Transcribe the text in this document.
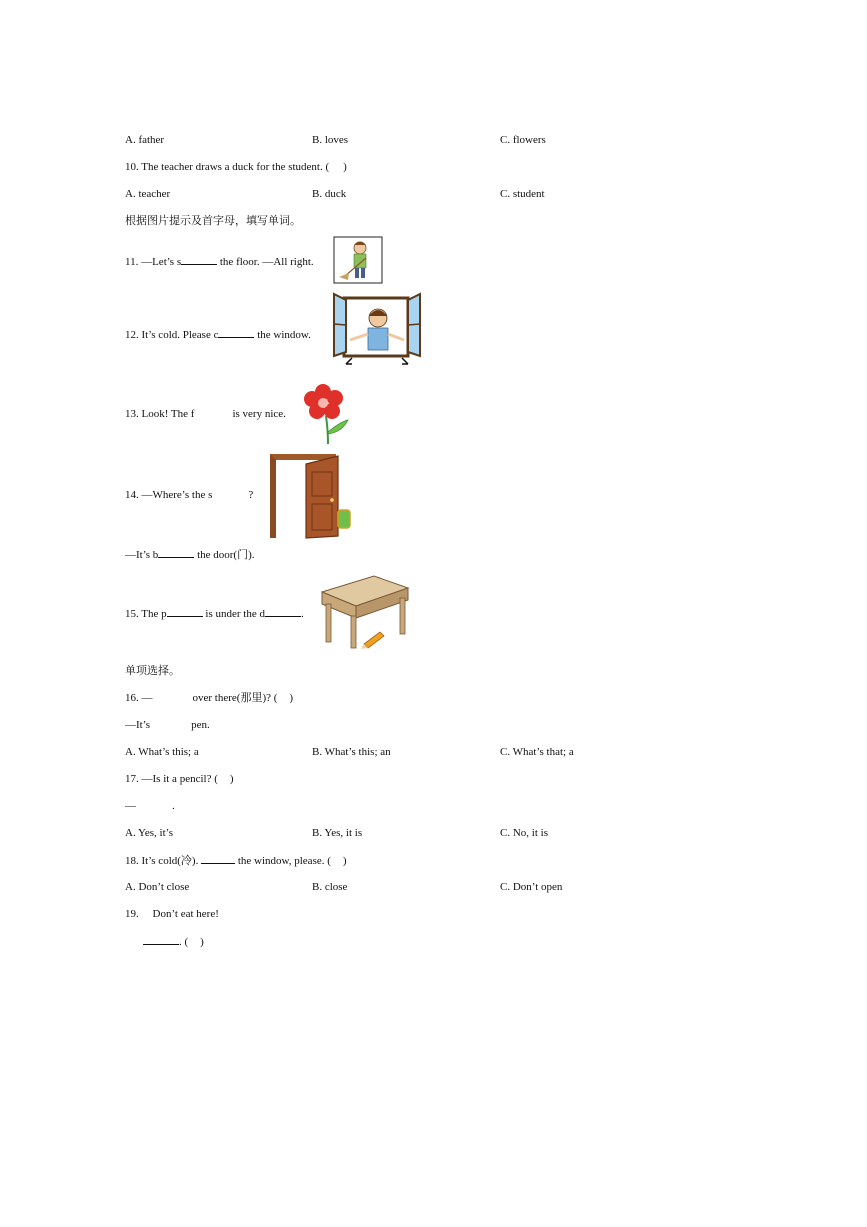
A. father	B. loves	C. flowers
10. The teacher draws a duck for the student. ( )
A. teacher	B. duck	C. student
根据图片提示及首字母，填写单词。
11. —Let’s s	the floor. —All right.
12. It’s cold. Please c	the window.
13. Look! The f	is very nice.
14. —Where’s the s	?
—It’s b	the door(门).
15. The p	is under the d	.
单项选择。
16. —	over there(那里)? ( )
—It’s	pen.
A. What’s this; a	B. What’s this; an	C. What’s that; a
17. —Is it a pencil? ( )
—	.
A. Yes, it’s	B. Yes, it is	C. No, it is
18. It’s cold(冷).	the window, please. ( )
A. Don’t close	B. close	C. Don’t open
19.     Don’t eat here!
. ( )
